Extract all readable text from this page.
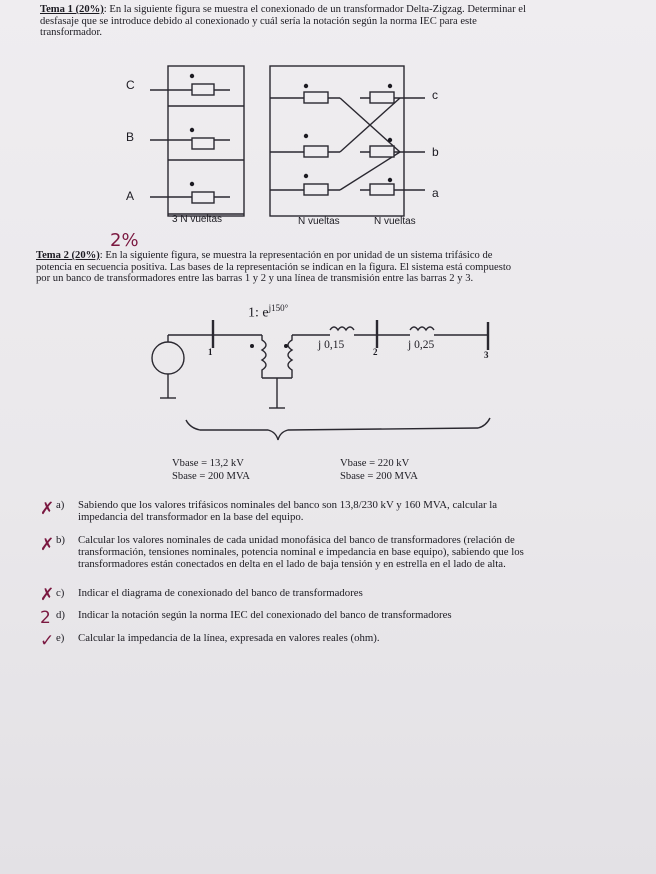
Tema 1 (20%): En la siguiente figura se muestra el conexionado de un transformador Delta-Zigzag. Determinar el
desfasaje que se introduce debido al conexionado y cuál sería la notación según la norma IEC para este
transformador.
C
B
A
c
b
a
3 N vueltas	N vueltas	N vueltas
2%
Tema 2 (20%): En la siguiente figura, se muestra la representación en por unidad de un sistema trifásico de
potencia en secuencia positiva. Las bases de la representación se indican en la figura. El sistema está compuesto
por un banco de transformadores entre las barras 1 y 2 y una línea de transmisión entre las barras 2 y 3.
1: $e^{j150^\circ}$
1	2	3
j 0,15	j 0,25
Vbase = 13,2 kV
Sbase = 200 MVA
Vbase = 220 kV
Sbase = 200 MVA
a) Sabiendo que los valores trifásicos nominales del banco son 13,8/230 kV y 160 MVA, calcular la
impedancia del transformador en la base del equipo.
b) Calcular los valores nominales de cada unidad monofásica del banco de transformadores (relación de
transformación, tensiones nominales, potencia nominal e impedancia en base equipo), sabiendo que los
transformadores están conectados en delta en el lado de baja tensión y en estrella en el lado de alta.
c) Indicar el diagrama de conexionado del banco de transformadores
d) Indicar la notación según la norma IEC del conexionado del banco de transformadores
e) Calcular la impedancia de la línea, expresada en valores reales (ohm).
✗
✗
✗
2
✓
